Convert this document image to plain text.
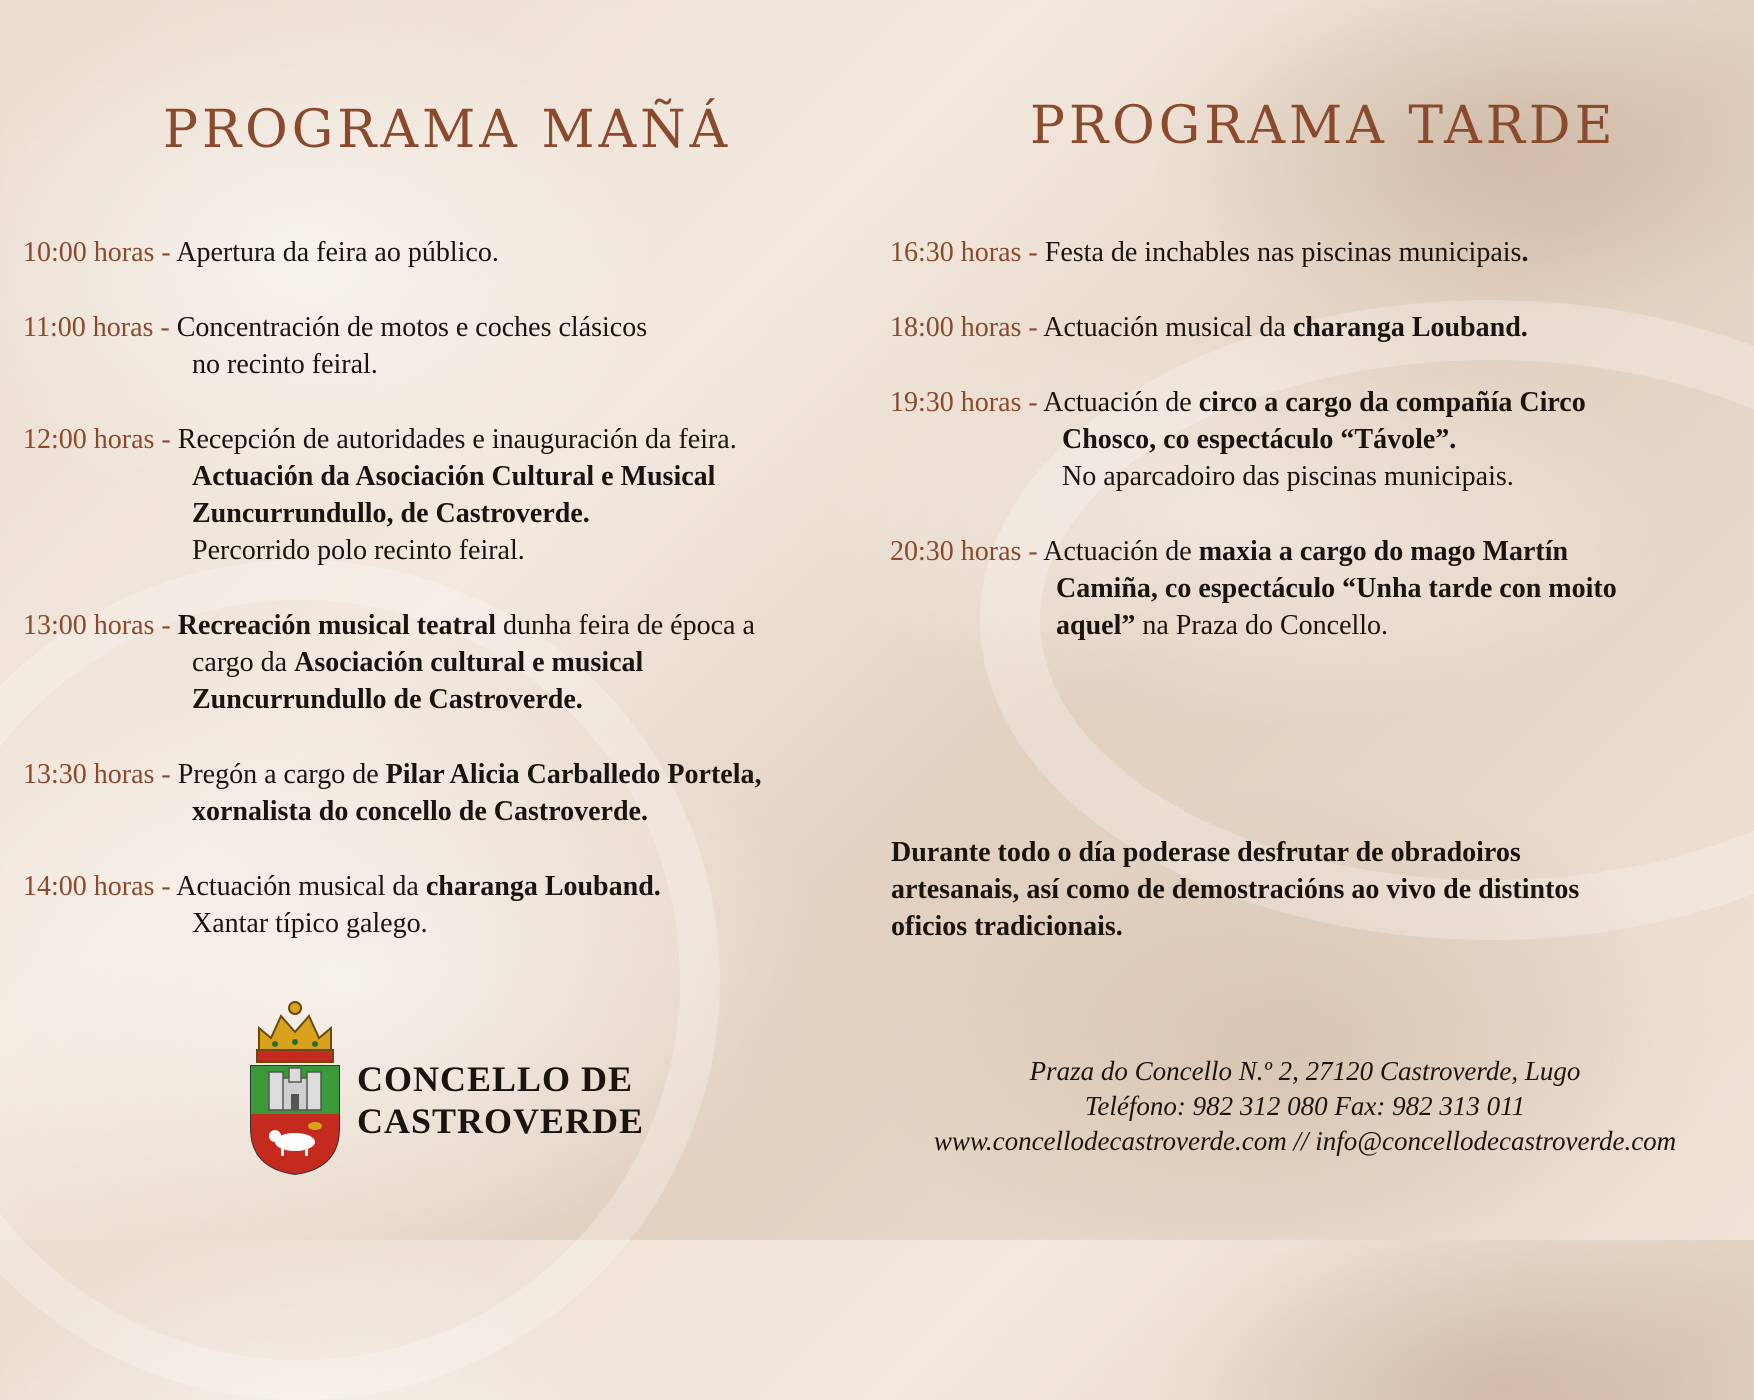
PROGRAMA MAÑÁ	PROGRAMA TARDE
10:00 horas - Apertura da feira ao público.
11:00 horas - Concentración de motos e coches clásicos
no recinto feiral.
12:00 horas - Recepción de autoridades e inauguración da feira.
Actuación da Asociación Cultural e Musical
Zuncurrundullo, de Castroverde.
Percorrido polo recinto feiral.
13:00 horas - Recreación musical teatral dunha feira de época a
cargo da Asociación cultural e musical
Zuncurrundullo de Castroverde.
13:30 horas - Pregón a cargo de Pilar Alicia Carballedo Portela,
xornalista do concello de Castroverde.
14:00 horas - Actuación musical da charanga Louband.
Xantar típico galego.
16:30 horas - Festa de inchables nas piscinas municipais.
18:00 horas - Actuación musical da charanga Louband.
19:30 horas - Actuación de circo a cargo da compañía Circo
Chosco, co espectáculo “Távole”.
No aparcadoiro das piscinas municipais.
20:30 horas - Actuación de maxia a cargo do mago Martín
Camiña, co espectáculo “Unha tarde con moito
aquel” na Praza do Concello.
Durante todo o día poderase desfrutar de obradoiros
artesanais, así como de demostracións ao vivo de distintos
oficios tradicionais.
CONCELLO DE
CASTROVERDE
Praza do Concello N.º 2, 27120 Castroverde, Lugo
Teléfono: 982 312 080 Fax: 982 313 011
www.concellodecastroverde.com // info@concellodecastroverde.com
